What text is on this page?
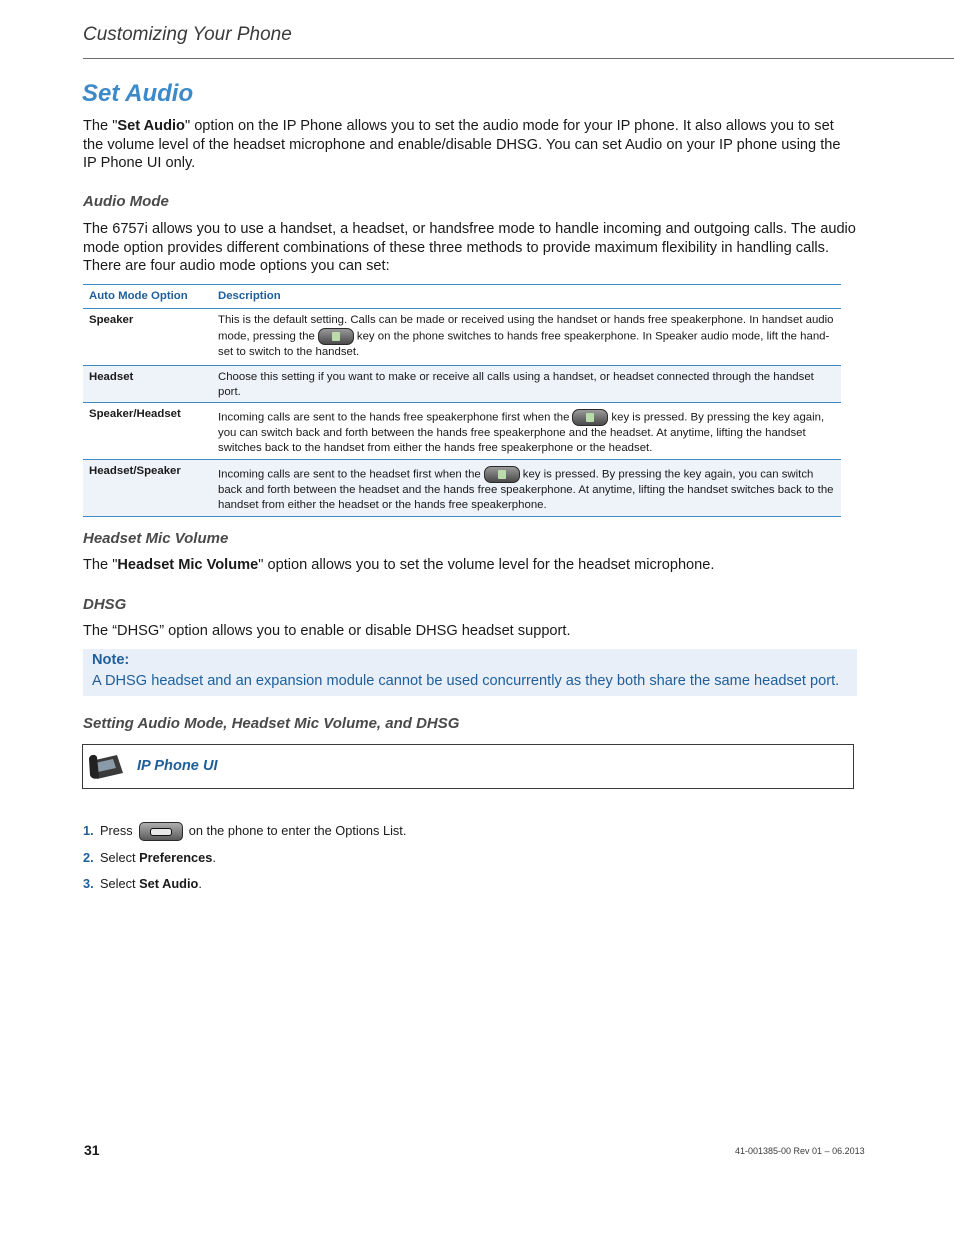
Customizing Your Phone
Set Audio
The "Set Audio" option on the IP Phone allows you to set the audio mode for your IP phone. It also allows you to set the volume level of the headset microphone and enable/disable DHSG. You can set Audio on your IP phone using the IP Phone UI only.
Audio Mode
The 6757i allows you to use a handset, a headset, or handsfree mode to handle incoming and outgoing calls. The audio mode option provides different combinations of these three methods to provide maximum flexibility in handling calls. There are four audio mode options you can set:
Auto Mode Option	Description
Speaker	This is the default setting. Calls can be made or received using the handset or hands free speakerphone. In handset audio mode, pressing the key on the phone switches to hands free speakerphone. In Speaker audio mode, lift the hand-set to switch to the handset.
Headset	Choose this setting if you want to make or receive all calls using a handset, or headset connected through the handset port.
Speaker/Headset	Incoming calls are sent to the hands free speakerphone first when the key is pressed. By pressing the key again, you can switch back and forth between the hands free speakerphone and the headset. At anytime, lifting the handset switches back to the handset from either the hands free speakerphone or the headset.
Headset/Speaker	Incoming calls are sent to the headset first when the key is pressed. By pressing the key again, you can switch back and forth between the headset and the hands free speakerphone. At anytime, lifting the handset switches back to the handset from either the headset or the hands free speakerphone.
Headset Mic Volume
The "Headset Mic Volume" option allows you to set the volume level for the headset microphone.
DHSG
The “DHSG” option allows you to enable or disable DHSG headset support.
Note:
A DHSG headset and an expansion module cannot be used concurrently as they both share the same headset port.
Setting Audio Mode, Headset Mic Volume, and DHSG
IP Phone UI
1. Press	on the phone to enter the Options List.
2. Select Preferences.
3. Select Set Audio.
31	41-001385-00 Rev 01 – 06.2013
